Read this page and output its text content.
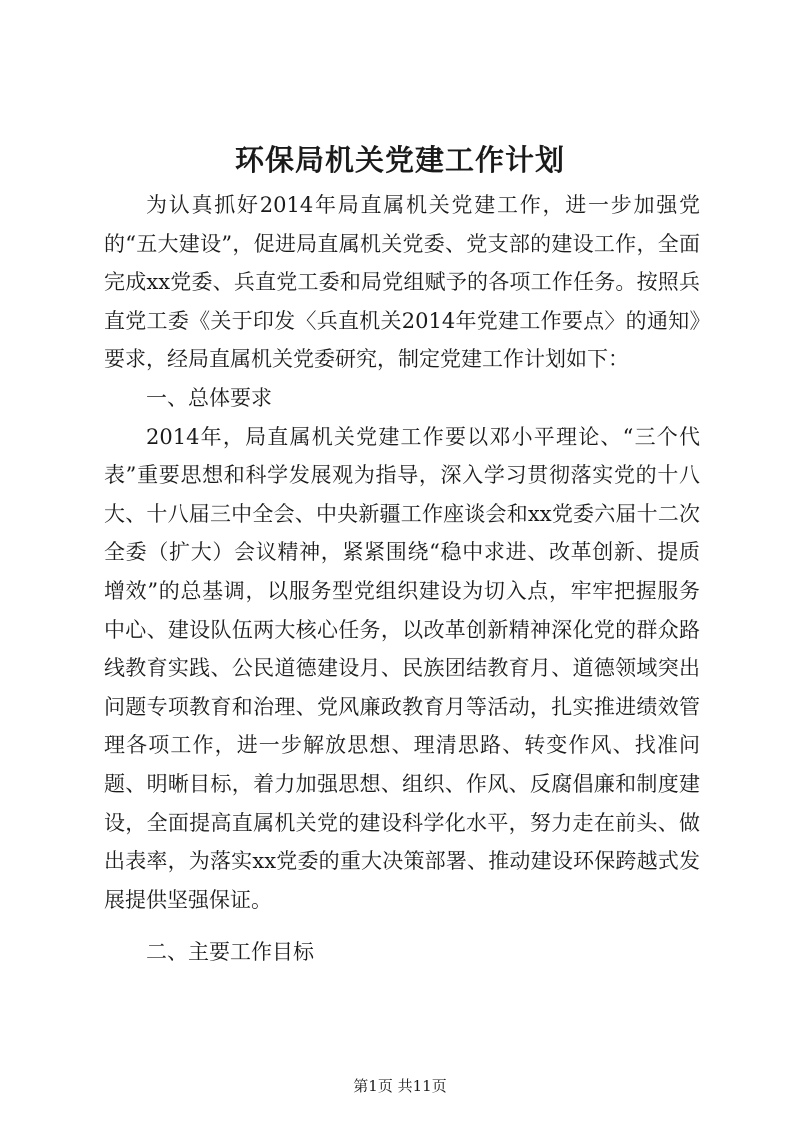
环保局机关党建工作计划

为认真抓好2014年局直属机关党建工作，进一步加强党的“五大建设”，促进局直属机关党委、党支部的建设工作，全面完成xx党委、兵直党工委和局党组赋予的各项工作任务。按照兵直党工委《关于印发〈兵直机关2014年党建工作要点〉的通知》要求，经局直属机关党委研究，制定党建工作计划如下：

一、总体要求

2014年，局直属机关党建工作要以邓小平理论、“三个代表”重要思想和科学发展观为指导，深入学习贯彻落实党的十八大、十八届三中全会、中央新疆工作座谈会和xx党委六届十二次全委（扩大）会议精神，紧紧围绕“稳中求进、改革创新、提质增效”的总基调，以服务型党组织建设为切入点，牢牢把握服务中心、建设队伍两大核心任务，以改革创新精神深化党的群众路线教育实践、公民道德建设月、民族团结教育月、道德领域突出问题专项教育和治理、党风廉政教育月等活动，扎实推进绩效管理各项工作，进一步解放思想、理清思路、转变作风、找准问题、明晰目标，着力加强思想、组织、作风、反腐倡廉和制度建设，全面提高直属机关党的建设科学化水平，努力走在前头、做出表率，为落实xx党委的重大决策部署、推动建设环保跨越式发展提供坚强保证。

二、主要工作目标

第1页 共11页
